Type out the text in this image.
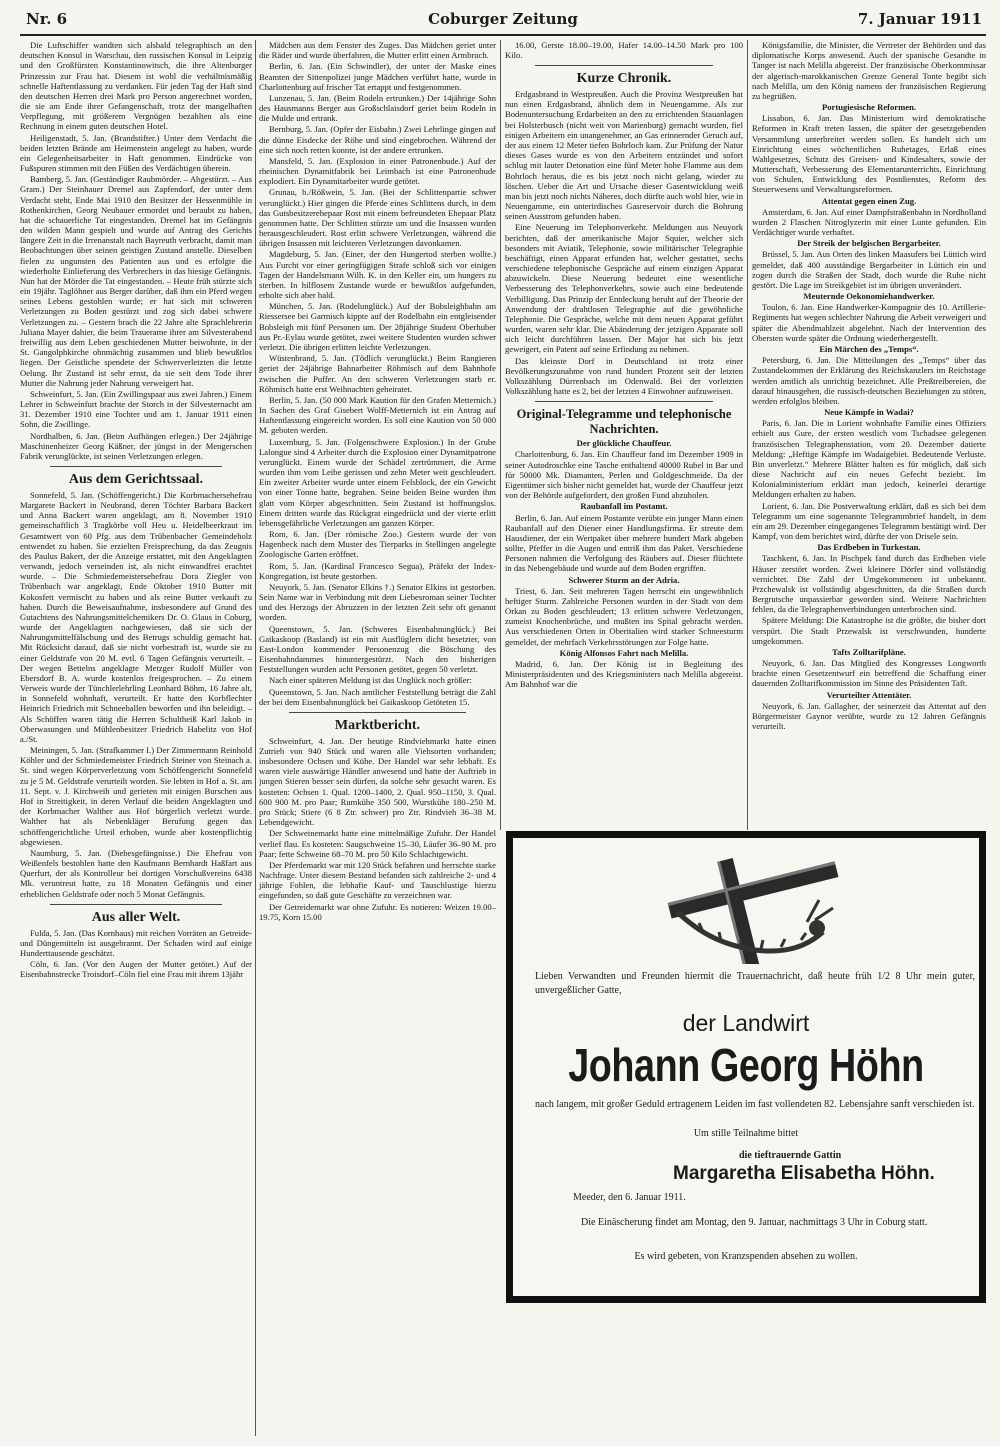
Nr. 6	Coburger Zeitung	7. Januar 1911

Die Luftschiffer wandten sich alsbald telegraphisch an den deutschen Konsul in Warschau, den russischen Konsul in Leipzig und den Großfürsten Konstantinowitsch, die ihre Altenburger Prinzessin zur Frau hat. Diesem ist wohl die verhältnismäßig schnelle Haftentlassung zu verdanken. Für jeden Tag der Haft sind den deutschen Herren drei Mark pro Person angerechnet worden, die sie am Ende ihrer Gefangenschaft, trotz der mangelhaften Verpflegung, mit größerem Vergnügen bezahlten als eine Rechnung in einem guten deutschen Hotel.

Heiligenstadt, 5. Jan. (Brandstifter.) Unter dem Verdacht die beiden letzten Brände am Heimenstein angelegt zu haben, wurde ein Gelegenheitsarbeiter in Haft genommen. Eindrücke von Fußspuren stimmen mit den Füßen des Verdächtigen überein.

Bamberg, 5. Jan. (Geständiger Raubmörder. – Abgestürzt. – Aus Gram.) Der Steinhauer Dremel aus Zapfendorf, der unter dem Verdacht steht, Ende Mai 1910 den Besitzer der Hessenmühle in Rothenkirchen, Georg Neubauer ermordet und beraubt zu haben, hat die schauerliche Tat eingestanden. Dremel hat im Gefängnis den wilden Mann gespielt und wurde auf Antrag des Gerichts längere Zeit in die Irrenanstalt nach Bayreuth verbracht, damit man Beobachtungen über seinen geistigen Zustand anstelle. Dieselben fielen zu ungunsten des Patienten aus und es erfolgte die wiederholte Einlieferung des Verbrechers in das hiesige Gefängnis. Nun hat der Mörder die Tat eingestanden. – Heute früh stürzte sich ein 19jähr. Taglöhner aus Berger darüber, daß ihm ein Pferd wegen seines Lebens gestohlen wurde; er hat sich mit schweren Verletzungen zu Boden gestürzt und zog sich dabei schwere Verletzungen zu. – Gestern brach die 22 Jahre alte Sprachlehrerin Juliana Mayer dahier, die beim Trauerame ihrer am Silvesterabend freiwillig aus dem Leben geschiedenen Mutter beiwohnte, in der St. Gangolphkirche ohnmächtig zusammen und blieb bewußtlos liegen. Der Geistliche spendete der Schwerverletzten die letzte Oelung. Ihr Zustand ist sehr ernst, da sie seit dem Tode ihrer Mutter die Nahrung jeder Nahrung verweigert hat.

Schweinfurt, 5. Jan. (Ein Zwillingspaar aus zwei Jahren.) Einem Lehrer in Schweinfurt brachte der Storch in der Silvesternacht am 31. Dezember 1910 eine Tochter und am 1. Januar 1911 einen Sohn, die Zwillinge.

Nordhalben, 6. Jan. (Beim Aufhängen erlegen.) Der 24jährige Maschinenheizer Georg Käßner, der jüngst in der Mengerschen Fabrik verunglückte, ist seinen Verletzungen erlegen.

Aus dem Gerichtssaal.

Sonnefeld, 5. Jan. (Schöffengericht.) Die Korbmachersehefrau Margarete Backert in Neubrand, deren Töchter Barbara Backert und Anna Backert waren angeklagt, am 8. November 1910 gemeinschaftlich 3 Tragkörbe voll Heu u. Heidelbeerkraut im Gesamtwert von 60 Pfg. aus dem Trübenbacher Gemeindeholz entwendet zu haben. Sie erzielten Freisprechung, da das Zeugnis des Paulus Bakert, der die Anzeige erstattet, mit den Angeklagten verwandt, jedoch verseinden ist, als nicht einwandfrei erachtet wurde. – Die Schmiedemeistersehefrau Dora Ziegler von Trübenbach war angeklagt, Ende Oktober 1910 Butter mit Kokosfett vermischt zu haben und als reine Butter verkauft zu haben. Durch die Beweisaufnahme, insbesondere auf Grund des Gutachtens des Nahrungsmittelchemikers Dr. O. Glaus in Coburg, wurde der Angeklagten nachgewiesen, daß sie sich der Nahrungsmittelfälschung und des Betrugs schuldig gemacht hat. Mit Rücksicht darauf, daß sie nicht vorbestraft ist, wurde sie zu einer Geldstrafe von 20 M. evtl. 6 Tagen Gefängnis verurteilt. – Der wegen Bettelns angeklagte Metzger Rudolf Müller von Ebersdorf B. A. wurde kostenlos freigesprochen. – Zu einem Verweis wurde der Tünchlerlehrling Leonhard Böhm, 16 Jahre alt, in Sonnefeld wohnhaft, verurteilt. Er hatte den Korbflechter Heinrich Friedrich mit Schneeballen beworfen und ihn beleidigt. – Als Schöffen waren tätig die Herren Schultheiß Karl Jakob in Oberwasungen und Mühlenbesitzer Friedrich Habelitz von Hof a./St.

Meiningen, 5. Jan. (Strafkammer I.) Der Zimmermann Reinhold Köhler und der Schmiedemeister Friedrich Steiner von Steinach a. St. sind wegen Körperverletzung vom Schöffengericht Sonnefeld zu je 5 M. Geldstrafe verurteilt worden. Sie lebten in Hof a. St. am 11. Sept. v. J. Kirchweih und gerieten mit einigen Burschen aus Hof in Streitigkeit, in deren Verlauf die beiden Angeklagten und der Korbmacher Walther aus Hof bürgerlich verletzt wurde. Walther hat als Nebenkläger Berufung gegen das schöffengerichtliche Urteil erhoben, wurde aber kostenpflichtig abgewiesen.

Naumburg, 5. Jan. (Diebesgefängnisse.) Die Ehefrau von Weißenfels bestohlen hatte den Kaufmann Bernhardt Haßfart aus Querfurt, der als Kontrolleur bei dortigen Vorschußvereins 6438 Mk. veruntreut hatte, zu 18 Monaten Gefängnis und einer erheblichen Geldstrafe oder noch 5 Monat Gefängnis.

Aus aller Welt.

Fulda, 5. Jan. (Das Kornhaus) mit reichen Vorräten an Getreide- und Düngemitteln ist ausgebrannt. Der Schaden wird auf einige Hunderttausende geschätzt.

Cöln, 6. Jan. (Vor den Augen der Mutter getötet.) Auf der Eisenbahnstrecke Troisdorf–Cöln fiel eine Frau mit ihrem 13jähr

Mädchen aus dem Fenster des Zuges. Das Mädchen geriet unter die Räder und wurde überfahren, die Mutter erlitt einen Armbruch.

Berlin, 6. Jan. (Ein Schwindler), der unter der Maske eines Beamten der Sittenpolizei junge Mädchen verführt hatte, wurde in Charlottenburg auf frischer Tat ertappt und festgenommen.

Lunzenau, 5. Jan. (Beim Rodeln ertrunken.) Der 14jährige Sohn des Hausmanns Berger aus Großschlaisdorf geriet beim Rodeln in die Mulde und ertrank.

Bernburg, 5. Jan. (Opfer der Eisbahn.) Zwei Lehrlinge gingen auf die dünne Eisdecke der Röhe und sind eingebrochen. Während der eine sich noch retten konnte, ist der andere ertrunken.

Mansfeld, 5. Jan. (Explosion in einer Patronenbude.) Auf der rheinischen Dynamitfabrik bei Leimbach ist eine Patronenbude explodiert. Ein Dynamitarbeiter wurde getötet.

Grunau, b./Rößwein, 5. Jan. (Bei der Schlittenpartie schwer verunglückt.) Hier gingen die Pferde eines Schlittens durch, in dem das Gutsbesitzerehepaar Rost mit einem befreundeten Ehepaar Platz genommen hatte. Der Schlitten stürzte um und die Insassen wurden herausgeschleudert. Rost erlitt schwere Verletzungen, während die übrigen Insassen mit leichteren Verletzungen davonkamen.

Magdeburg, 5. Jan. (Einer, der den Hungertod sterben wollte.) Aus Furcht vor einer geringfügigen Strafe schloß sich vor einigen Tagen der Handelsmann Wilh. K. in den Keller ein, um hungers zu sterben. In hilflosem Zustande wurde er bewußtlos aufgefunden, erholte sich aber bald.

München, 5. Jan. (Rodelunglück.) Auf der Bobsleighbahn am Riessersee bei Garmisch kippte auf der Rodelbahn ein entgleisender Bobsleigh mit fünf Personen um. Der 28jährige Student Oberhuber aus Pr.-Eylau wurde getötet, zwei weitere Studenten wurden schwer verletzt. Die übrigen erlitten leichte Verletzungen.

Wüstenbrand, 5. Jan. (Tödlich verunglückt.) Beim Rangieren geriet der 24jährige Bahnarbeiter Röhmisch auf dem Bahnhofe zwischen die Puffer. An den schweren Verletzungen starb er. Röhmisch hatte erst Weihnachten geheiratet.

Berlin, 5. Jan. (50 000 Mark Kaution für den Grafen Metternich.) In Sachen des Graf Gisebert Wolff-Metternich ist ein Antrag auf Haftentlassung eingereicht worden. Es soll eine Kaution von 50 000 M. geboten werden.

Luxemburg, 5. Jan. (Folgenschwere Explosion.) In der Grube Lalongue sind 4 Arbeiter durch die Explosion einer Dynamitpatrone verunglückt. Einem wurde der Schädel zertrümmert, die Arme wurden ihm vom Leibe gerissen und zehn Meter weit geschleudert. Ein zweiter Arbeiter wurde unter einem Felsblock, der ein Gewicht von einer Tonne hatte, begraben. Seine beiden Beine wurden ihm glatt vom Körper abgeschnitten. Sein Zustand ist hoffnungslos. Einem dritten wurde das Rückgrat eingedrückt und der vierte erlitt lebensgefährliche Verletzungen am ganzen Körper.

Rom, 6. Jan. (Der römische Zoo.) Gestern wurde der von Hagenbeck nach dem Muster des Tierparks in Stellingen angelegte Zoologische Garten eröffnet.

Rom, 5. Jan. (Kardinal Francesco Segua), Präfekt der Index-Kongregation, ist heute gestorben.

Neuyork, 5. Jan. (Senator Elkins †.) Senator Elkins ist gestorben. Sein Name war in Verbindung mit dem Liebesroman seiner Tochter und des Herzogs der Abruzzen in der letzten Zeit sehr oft genannt worden.

Queenstown, 5. Jan. (Schweres Eisenbahnunglück.) Bei Gaikaskoop (Basland) ist ein mit Ausflüglern dicht besetzter, von East-London kommender Personenzug die Böschung des Eisenbahndammes hinuntergestürzt. Nach den bisherigen Feststellungen wurden acht Personen getötet, gegen 50 verletzt.

Nach einer späteren Meldung ist das Unglück noch größer:

Queenstown, 5. Jan. Nach amtlicher Feststellung beträgt die Zahl der bei dem Eisenbahnunglück bei Gaikaskoop Getöteten 15.

Marktbericht.

Schweinfurt, 4. Jan. Der heutige Rindviehmarkt hatte einen Zutrieb von 940 Stück und waren alle Viehsorten vorhanden; insbesondere Ochsen und Kühe. Der Handel war sehr lebhaft. Es waren viele auswärtige Händler anwesend und hatte der Auftrieb in jungen Stieren besser sein dürfen, da solche sehr gesucht waren. Es kosteten: Ochsen 1. Qual. 1200–1400, 2. Qual. 950–1150, 3. Qual. 600 900 M. pro Paar; Rumkühe 350 500, Wurstkühe 180–250 M. pro Stück; Stiere (6 8 Ztr. schwer) pro Ztr. Rindvieh 36–38 M. Lebendgewicht.

Der Schweinemarkt hatte eine mittelmäßige Zufuhr. Der Handel verlief flau. Es kosteten: Saugschweine 15–30, Läufer 36–90 M. pro Paar; fette Schweine 68–70 M. pro 50 Kilo Schlachtgewicht.

Der Pferdemarkt war mit 120 Stück befahren und herrschte starke Nachfrage. Unter diesem Bestand befanden sich zahlreiche 2- und 4 jährige Fohlen, die lebhafte Kauf- und Tauschlustige hierzu eingefunden, so daß gute Geschäfte zu verzeichnen war.

Der Getreidemarkt war ohne Zufuhr. Es notieren: Weizen 19.00–19.75, Korn 15.00

16.00, Gerste 18.00–19.00, Hafer 14.00–14.50 Mark pro 100 Kilo.

Kurze Chronik.

Erdgasbrand in Westpreußen. Auch die Provinz Westpreußen hat nun einen Erdgasbrand, ähnlich dem in Neuengamme. Als zur Bodenuntersuchung Erdarbeiten an den zu errichtenden Stauanlagen bei Holsterbusch (nicht weit von Marienburg) gemacht wurden, fiel einigen Arbeitern ein unangenehmer, an Gas erinnernder Geruch auf, der aus einem 12 Meter tiefen Bohrloch kam. Zur Prüfung der Natur dieses Gases wurde es von den Arbeitern entzündet und sofort schlug mit lauter Detonation eine fünf Meter hohe Flamme aus dem Bohrloch heraus, die es bis jetzt noch nicht gelang, wieder zu löschen. Ueber die Art und Ursache dieser Gasentwicklung weiß man bis jetzt noch nichts Näheres, doch dürfte auch wohl hier, wie in Neuengamme, ein unterirdisches Gasreservoir durch die Bohrung seinen Ausstrom gefunden haben.

Eine Neuerung im Telephonverkehr. Meldungen aus Neuyork berichten, daß der amerikanische Major Squier, welcher sich besonders mit Aviatik, Telephonie, sowie militärischer Telegraphie beschäftigt, einen Apparat erfunden hat, welcher gestattet, sechs verschiedene telephonische Gespräche auf einem einzigen Apparat abzuwickeln. Diese Neuerung bedeutet eine wesentliche Verbesserung des Telephonverkehrs, sowie auch eine bedeutende Verbilligung. Das Prinzip der Entdeckung beruht auf der Theorie der Anwendung der drahtlosen Telegraphie auf die gewöhnliche Telephonie. Die Gespräche, welche mit dem neuen Apparat geführt wurden, waren sehr klar. Die Abänderung der jetzigen Apparate soll sich leicht durchführen lassen. Der Major hat sich bis jetzt geweigert, ein Patent auf seine Erfindung zu nehmen.

Das kleinste Dorf in Deutschland ist trotz einer Bevölkerungszunahme von rund hundert Prozent seit der letzten Volkszählung Dürrenbach im Odenwald. Bei der vorletzten Volkszählung hatte es 2, bei der letzten 4 Einwohner aufzuweisen.

Original-Telegramme und telephonische Nachrichten.

Der glückliche Chauffeur.

Charlottenburg, 6. Jan. Ein Chauffeur fand im Dezember 1909 in seiner Autodroschke eine Tasche enthaltend 40000 Rubel in Bar und für 50000 Mk. Diamanten, Perlen und Goldgeschmeide. Da der Eigentümer sich bisher nicht gemeldet hat, wurde der Chauffeur jetzt von der Behörde aufgefordert, den großen Fund abzuholen.

Raubanfall im Postamt.

Berlin, 6. Jan. Auf einem Postamte verübte ein junger Mann einen Raubanfall auf den Diener einer Handlungsfirma. Er streute dem Hausdiener, der ein Wertpaket über mehrere hundert Mark abgeben sollte, Pfeffer in die Augen und entriß ihm das Paket. Verschiedene Personen nahmen die Verfolgung des Räubers auf. Dieser flüchtete in das Nebengebäude und wurde auf dem Boden ergriffen.

Schwerer Sturm an der Adria.

Triest, 6. Jan. Seit mehreren Tagen herrscht ein ungewöhnlich heftiger Sturm. Zahlreiche Personen wurden in der Stadt von dem Orkan zu Boden geschleudert; 13 erlitten schwere Verletzungen, zumeist Knochenbrüche, und mußten ins Spital gebracht werden. Aus verschiedenen Orten in Oberitalien wird starker Schneesturm gemeldet, der mehrfach Verkehrsstörungen zur Folge hatte.

König Alfonsos Fahrt nach Melilla.

Madrid, 6. Jan. Der König ist in Begleitung des Ministerpräsidenten und des Kriegsministers nach Melilla abgereist. Am Bahnhof war die

Königsfamilie, die Minister, die Vertreter der Behörden und das diplomatische Korps anwesend. Auch der spanische Gesandte in Tanger ist nach Melilla abgereist. Der französische Oberkommissar der algerisch-marokkanischen Grenze General Tonte begibt sich nach Melilla, um den König namens der französischen Regierung zu begrüßen.

Portugiesische Reformen.

Lissabon, 6. Jan. Das Ministerium wird demokratische Reformen in Kraft treten lassen, die später der gesetzgebenden Versammlung unterbreitet werden sollen. Es handelt sich um Einrichtung eines wöchentlichen Ruhetages, Erlaß eines Wahlgesetzes, Schutz des Greisen- und Kindesalters, sowie der Mutterschaft, Verbesserung des Elementarunterrichts, Einrichtung von Schulen, Entwicklung des Postdienstes, Reform des Steuerwesens und Verwaltungsreformen.

Attentat gegen einen Zug.

Amsterdam, 6. Jan. Auf einer Dampfstraßenbahn in Nordholland wurden 2 Flaschen Nitroglyzerin mit einer Lunte gefunden. Ein Verdächtiger wurde verhaftet.

Der Streik der belgischen Bergarbeiter.

Brüssel, 5. Jan. Aus Orten des linken Maasufers bei Lüttich wird gemeldet, daß 400 ausständige Bergarbeiter in Lüttich ein und zogen durch die Straßen der Stadt, doch wurde die Ruhe nicht gestört. Die Lage im Streikgebiet ist im übrigen unverändert.

Meuternde Oekonomiehandwerker.

Toulon, 6. Jan. Eine Handwerker-Kompagnie des 10. Artillerie-Regiments hat wegen schlechter Nahrung die Arbeit verweigert und später die Abendmahlzeit abgelehnt. Nach der Intervention des Obersten wurde später die Ordnung wiederhergestellt.

Ein Märchen des „Temps“.

Petersburg, 6. Jan. Die Mitteilungen des „Temps“ über das Zustandekommen der Erklärung des Reichskanzlers im Reichstage werden amtlich als unrichtig bezeichnet. Alle Preßtreibereien, die darauf hinausgehen, die russisch-deutschen Beziehungen zu stören, werden erfolglos bleiben.

Neue Kämpfe in Wadai?

Paris, 6. Jan. Die in Lorient wohnhafte Familie eines Offiziers erhielt aus Gure, der ersten westlich vom Tschadsee gelegenen französischen Telegraphenstation, vom 20. Dezember datierte Meldung: „Heftige Kämpfe im Wadaigebiet. Bedeutende Verluste. Bin unverletzt.“ Mehrere Blätter halten es für möglich, daß sich diese Nachricht auf ein neues Gefecht bezieht. Im Kolonialministerium erklärt man jedoch, keinerlei derartige Meldungen erhalten zu haben.

Lorient, 6. Jan. Die Postverwaltung erklärt, daß es sich bei dem Telegramm um eine sogenannte Telegrammbrief handelt, in dem ein am 29. Dezember eingegangenes Telegramm bestätigt wird. Der Kampf, von dem berichtet wird, dürfte der von Drisele sein.

Das Erdbeben in Turkestan.

Taschkent, 6. Jan. In Pischpek fand durch das Erdbeben viele Häuser zerstört worden. Zwei kleinere Dörfer sind vollständig vernichtet. Die Zahl der Umgekommenen ist unbekannt. Przchewalsk ist vollständig abgeschnitten, da die Straßen durch Bergrutsche unpassierbar geworden sind. Weitere Nachrichten fehlen, da die Telegraphenverbindungen unterbrochen sind.

Spätere Meldung: Die Katastrophe ist die größte, die bisher dort verspürt. Die Stadt Przewalsk ist verschwunden, hunderte umgekommen.

Tafts Zolltarifpläne.

Neuyork, 6. Jan. Das Mitglied des Kongresses Longworth brachte einen Gesetzentwurf ein betreffend die Schaffung einer dauernden Zolltarifkommission im Sinne des Präsidenten Taft.

Verurteilter Attentäter.

Neuyork, 6. Jan. Gallagher, der seinerzeit das Attentat auf den Bürgermeister Gaynor verübte, wurde zu 12 Jahren Gefängnis verurteilt.

Lieben Verwandten und Freunden hiermit die Trauernachricht, daß heute früh 1/2 8 Uhr mein guter, unvergeßlicher Gatte,
der Landwirt
Johann Georg Höhn
nach langem, mit großer Geduld ertragenem Leiden im fast vollendeten 82. Lebensjahre sanft verschieden ist.
Um stille Teilnahme bittet
die tieftrauernde Gattin
Margaretha Elisabetha Höhn.
Meeder, den 6. Januar 1911.
Die Einäscherung findet am Montag, den 9. Januar, nachmittags 3 Uhr in Coburg statt.
Es wird gebeten, von Kranzspenden absehen zu wollen.
